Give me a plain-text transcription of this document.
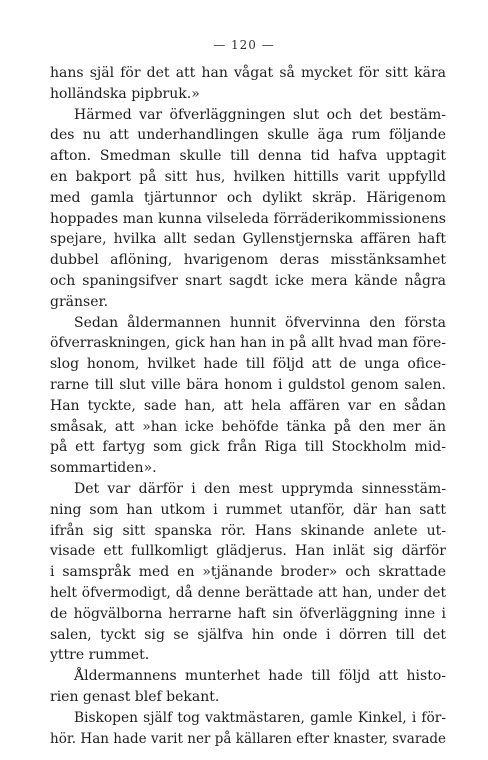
— 120 —
hans själ för det att han vågat så mycket för sitt kära
holländska pipbruk.»
Härmed var öfverläggningen slut och det bestäm-
des nu att underhandlingen skulle äga rum följande
afton. Smedman skulle till denna tid hafva upptagit
en bakport på sitt hus, hvilken hittills varit uppfylld
med gamla tjärtunnor och dylikt skräp. Härigenom
hoppades man kunna vilseleda förräderikommissionens
spejare, hvilka allt sedan Gyllenstjernska affären haft
dubbel aflöning, hvarigenom deras misstänksamhet
och spaningsifver snart sagdt icke mera kände några
gränser.
Sedan åldermannen hunnit öfvervinna den första
öfverraskningen, gick han han in på allt hvad man före-
slog honom, hvilket hade till följd att de unga ofice-
rarne till slut ville bära honom i guldstol genom salen.
Han tyckte, sade han, att hela affären var en sådan
småsak, att »han icke behöfde tänka på den mer än
på ett fartyg som gick från Riga till Stockholm mid-
sommartiden».
Det var därför i den mest upprymda sinnesstäm-
ning som han utkom i rummet utanför, där han satt
ifrån sig sitt spanska rör. Hans skinande anlete ut-
visade ett fullkomligt glädjerus. Han inlät sig därför
i samspråk med en »tjänande broder» och skrattade
helt öfvermodigt, då denne berättade att han, under det
de högvälborna herrarne haft sin öfverläggning inne i
salen, tyckt sig se själfva hin onde i dörren till det
yttre rummet.
Åldermannens munterhet hade till följd att histo-
rien genast blef bekant.
Biskopen själf tog vaktmästaren, gamle Kinkel, i för-
hör. Han hade varit ner på källaren efter knaster, svarade
